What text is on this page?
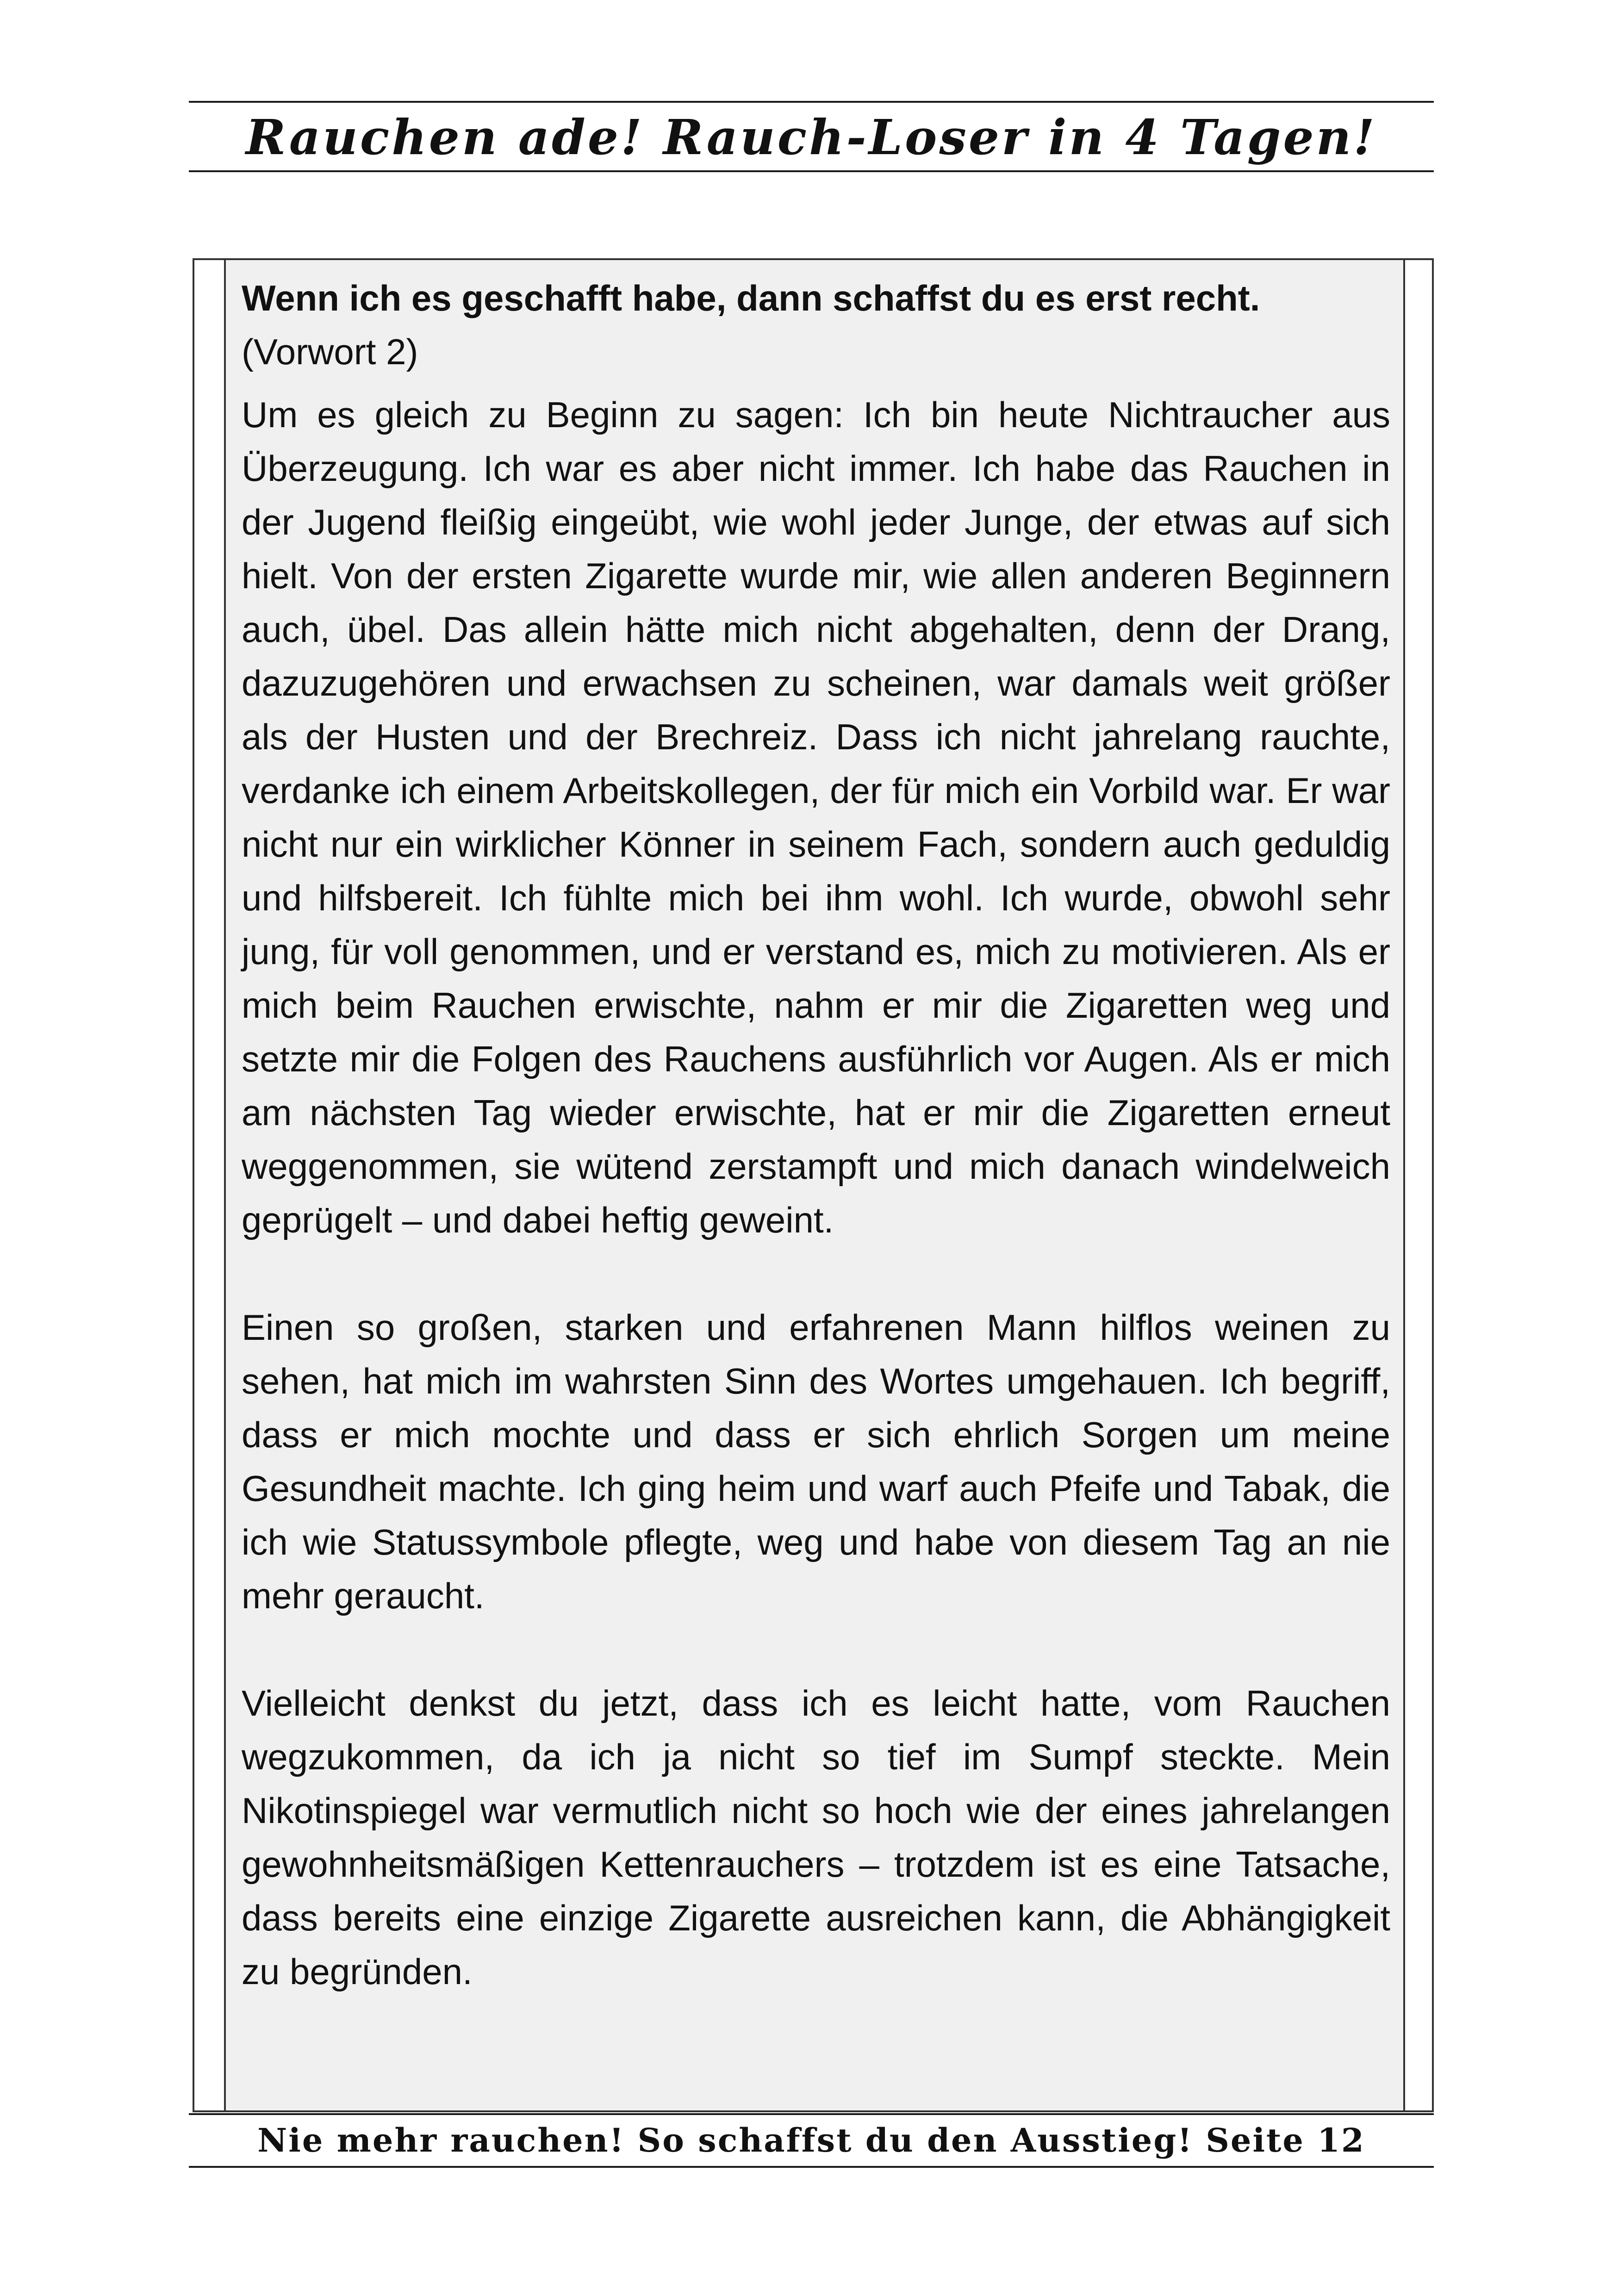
Rauchen ade! Rauch-Loser in 4 Tagen!

Wenn ich es geschafft habe, dann schaffst du es erst recht.

(Vorwort 2)

Um es gleich zu Beginn zu sagen: Ich bin heute Nichtraucher aus Überzeugung. Ich war es aber nicht immer. Ich habe das Rauchen in der Jugend fleißig eingeübt, wie wohl jeder Junge, der etwas auf sich hielt. Von der ersten Zigarette wurde mir, wie allen anderen Beginnern auch, übel. Das allein hätte mich nicht abgehalten, denn der Drang, dazuzugehören und erwachsen zu scheinen, war damals weit größer als der Husten und der Brechreiz. Dass ich nicht jahrelang rauchte, verdanke ich einem Arbeitskollegen, der für mich ein Vorbild war. Er war nicht nur ein wirklicher Könner in seinem Fach, sondern auch geduldig und hilfsbereit. Ich fühlte mich bei ihm wohl. Ich wurde, obwohl sehr jung, für voll genommen, und er verstand es, mich zu motivieren. Als er mich beim Rauchen erwischte, nahm er mir die Zigaretten weg und setzte mir die Folgen des Rauchens ausführlich vor Augen. Als er mich am nächsten Tag wieder erwischte, hat er mir die Zigaretten erneut weggenommen, sie wütend zerstampft und mich danach windelweich geprügelt – und dabei heftig geweint.

Einen so großen, starken und erfahrenen Mann hilflos weinen zu sehen, hat mich im wahrsten Sinn des Wortes umgehauen. Ich begriff, dass er mich mochte und dass er sich ehrlich Sorgen um meine Gesundheit machte. Ich ging heim und warf auch Pfeife und Tabak, die ich wie Statussymbole pflegte, weg und habe von diesem Tag an nie mehr geraucht.

Vielleicht denkst du jetzt, dass ich es leicht hatte, vom Rauchen wegzukommen, da ich ja nicht so tief im Sumpf steckte. Mein Nikotinspiegel war vermutlich nicht so hoch wie der eines jahrelangen gewohnheitsmäßigen Kettenrauchers – trotzdem ist es eine Tatsache, dass bereits eine einzige Zigarette ausreichen kann, die Abhängigkeit zu begründen.

Nie mehr rauchen! So schaffst du den Ausstieg! Seite 12
